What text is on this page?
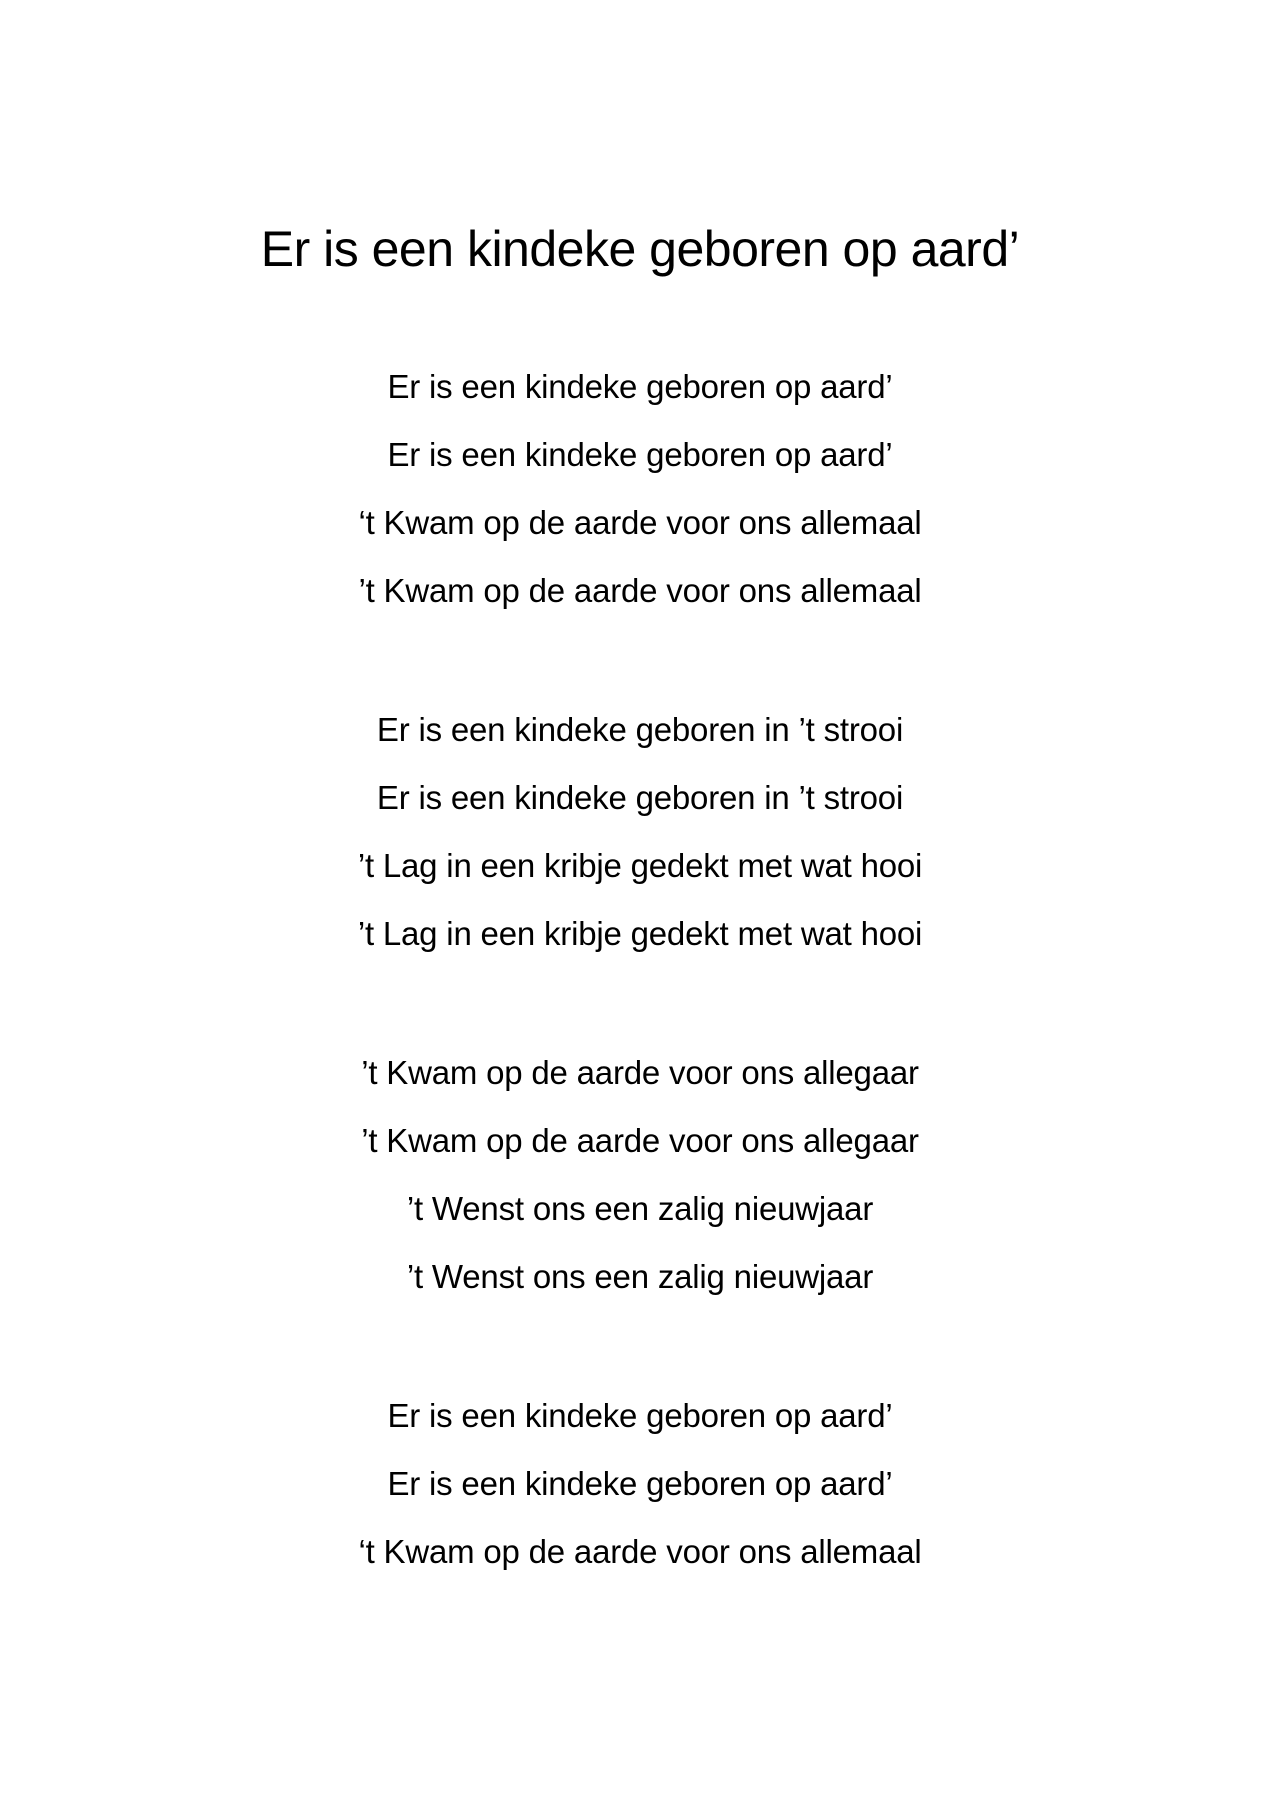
Er is een kindeke geboren op aard’
Er is een kindeke geboren op aard’
Er is een kindeke geboren op aard’
‘t Kwam op de aarde voor ons allemaal
’t Kwam op de aarde voor ons allemaal
Er is een kindeke geboren in ’t strooi
Er is een kindeke geboren in ’t strooi
’t Lag in een kribje gedekt met wat hooi
’t Lag in een kribje gedekt met wat hooi
’t Kwam op de aarde voor ons allegaar
’t Kwam op de aarde voor ons allegaar
’t Wenst ons een zalig nieuwjaar
’t Wenst ons een zalig nieuwjaar
Er is een kindeke geboren op aard’
Er is een kindeke geboren op aard’
‘t Kwam op de aarde voor ons allemaal
